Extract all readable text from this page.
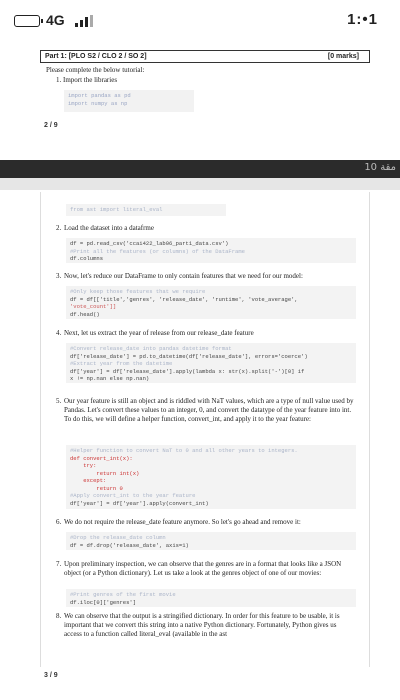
4G	1:•1
Part 1: [PLO S2 / CLO 2 / SO 2]	[0 marks]
Please complete the below tutorial:
1. Import the libraries
import pandas as pd
import numpy as np
2 / 9
10 مقة
from ast import literal_eval
2. Load the dataset into a datafrme
df = pd.read_csv('ccai422_lab06_part1_data.csv')
#Print all the features (or columns) of the DataFrame
df.columns
3. Now, let's reduce our DataFrame to only contain features that we need for our model:
#Only keep those features that we require
df = df[['title','genres', 'release_date', 'runtime', 'vote_average',
'vote_count']]
df.head()
4. Next, let us extract the year of release from our release_date feature
#Convert release_date into pandas datetime format
df['release_date'] = pd.to_datetime(df['release_date'], errors='coerce')
#Extract year from the datetime
df['year'] = df['release_date'].apply(lambda x: str(x).split('-')[0] if
x != np.nan else np.nan)
5. Our year feature is still an object and is riddled with NaT values, which are a type of null value used by Pandas. Let's convert these values to an integer, 0, and convert the datatype of the year feature into int. To do this, we will define a helper function, convert_int, and apply it to the year feature:
#Helper function to convert NaT to 0 and all other years to integers.
def convert_int(x):
try:
return int(x)
except:
return 0
#Apply convert_int to the year feature
df['year'] = df['year'].apply(convert_int)
6. We do not require the release_date feature anymore. So let's go ahead and remove it:
#Drop the release_date column
df = df.drop('release_date', axis=1)
7. Upon preliminary inspection, we can observe that the genres are in a format that looks like a JSON object (or a Python dictionary). Let us take a look at the genres object of one of our movies:
#Print genres of the first movie
df.iloc[0]['genres']
8. We can observe that the output is a stringified dictionary. In order for this feature to be usable, it is important that we convert this string into a native Python dictionary. Fortunately, Python gives us access to a function called literal_eval (available in the ast
3 / 9
